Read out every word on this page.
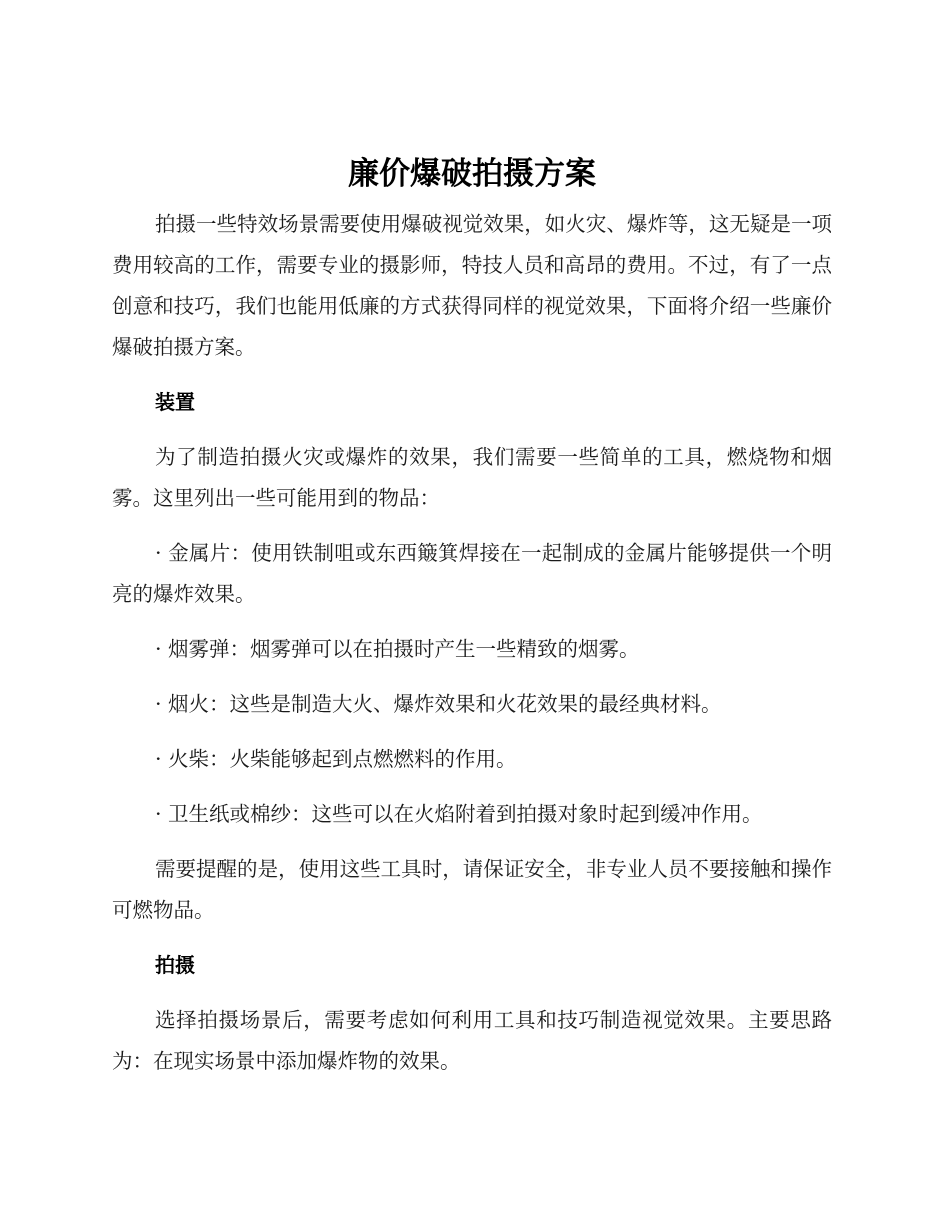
廉价爆破拍摄方案

拍摄一些特效场景需要使用爆破视觉效果，如火灾、爆炸等，这无疑是一项费用较高的工作，需要专业的摄影师，特技人员和高昂的费用。不过，有了一点创意和技巧，我们也能用低廉的方式获得同样的视觉效果，下面将介绍一些廉价爆破拍摄方案。

装置

为了制造拍摄火灾或爆炸的效果，我们需要一些简单的工具，燃烧物和烟雾。这里列出一些可能用到的物品：

· 金属片：使用铁制咀或东西簸箕焊接在一起制成的金属片能够提供一个明亮的爆炸效果。
· 烟雾弹：烟雾弹可以在拍摄时产生一些精致的烟雾。
· 烟火：这些是制造大火、爆炸效果和火花效果的最经典材料。
· 火柴：火柴能够起到点燃燃料的作用。
· 卫生纸或棉纱：这些可以在火焰附着到拍摄对象时起到缓冲作用。

需要提醒的是，使用这些工具时，请保证安全，非专业人员不要接触和操作可燃物品。

拍摄

选择拍摄场景后，需要考虑如何利用工具和技巧制造视觉效果。主要思路为：在现实场景中添加爆炸物的效果。
